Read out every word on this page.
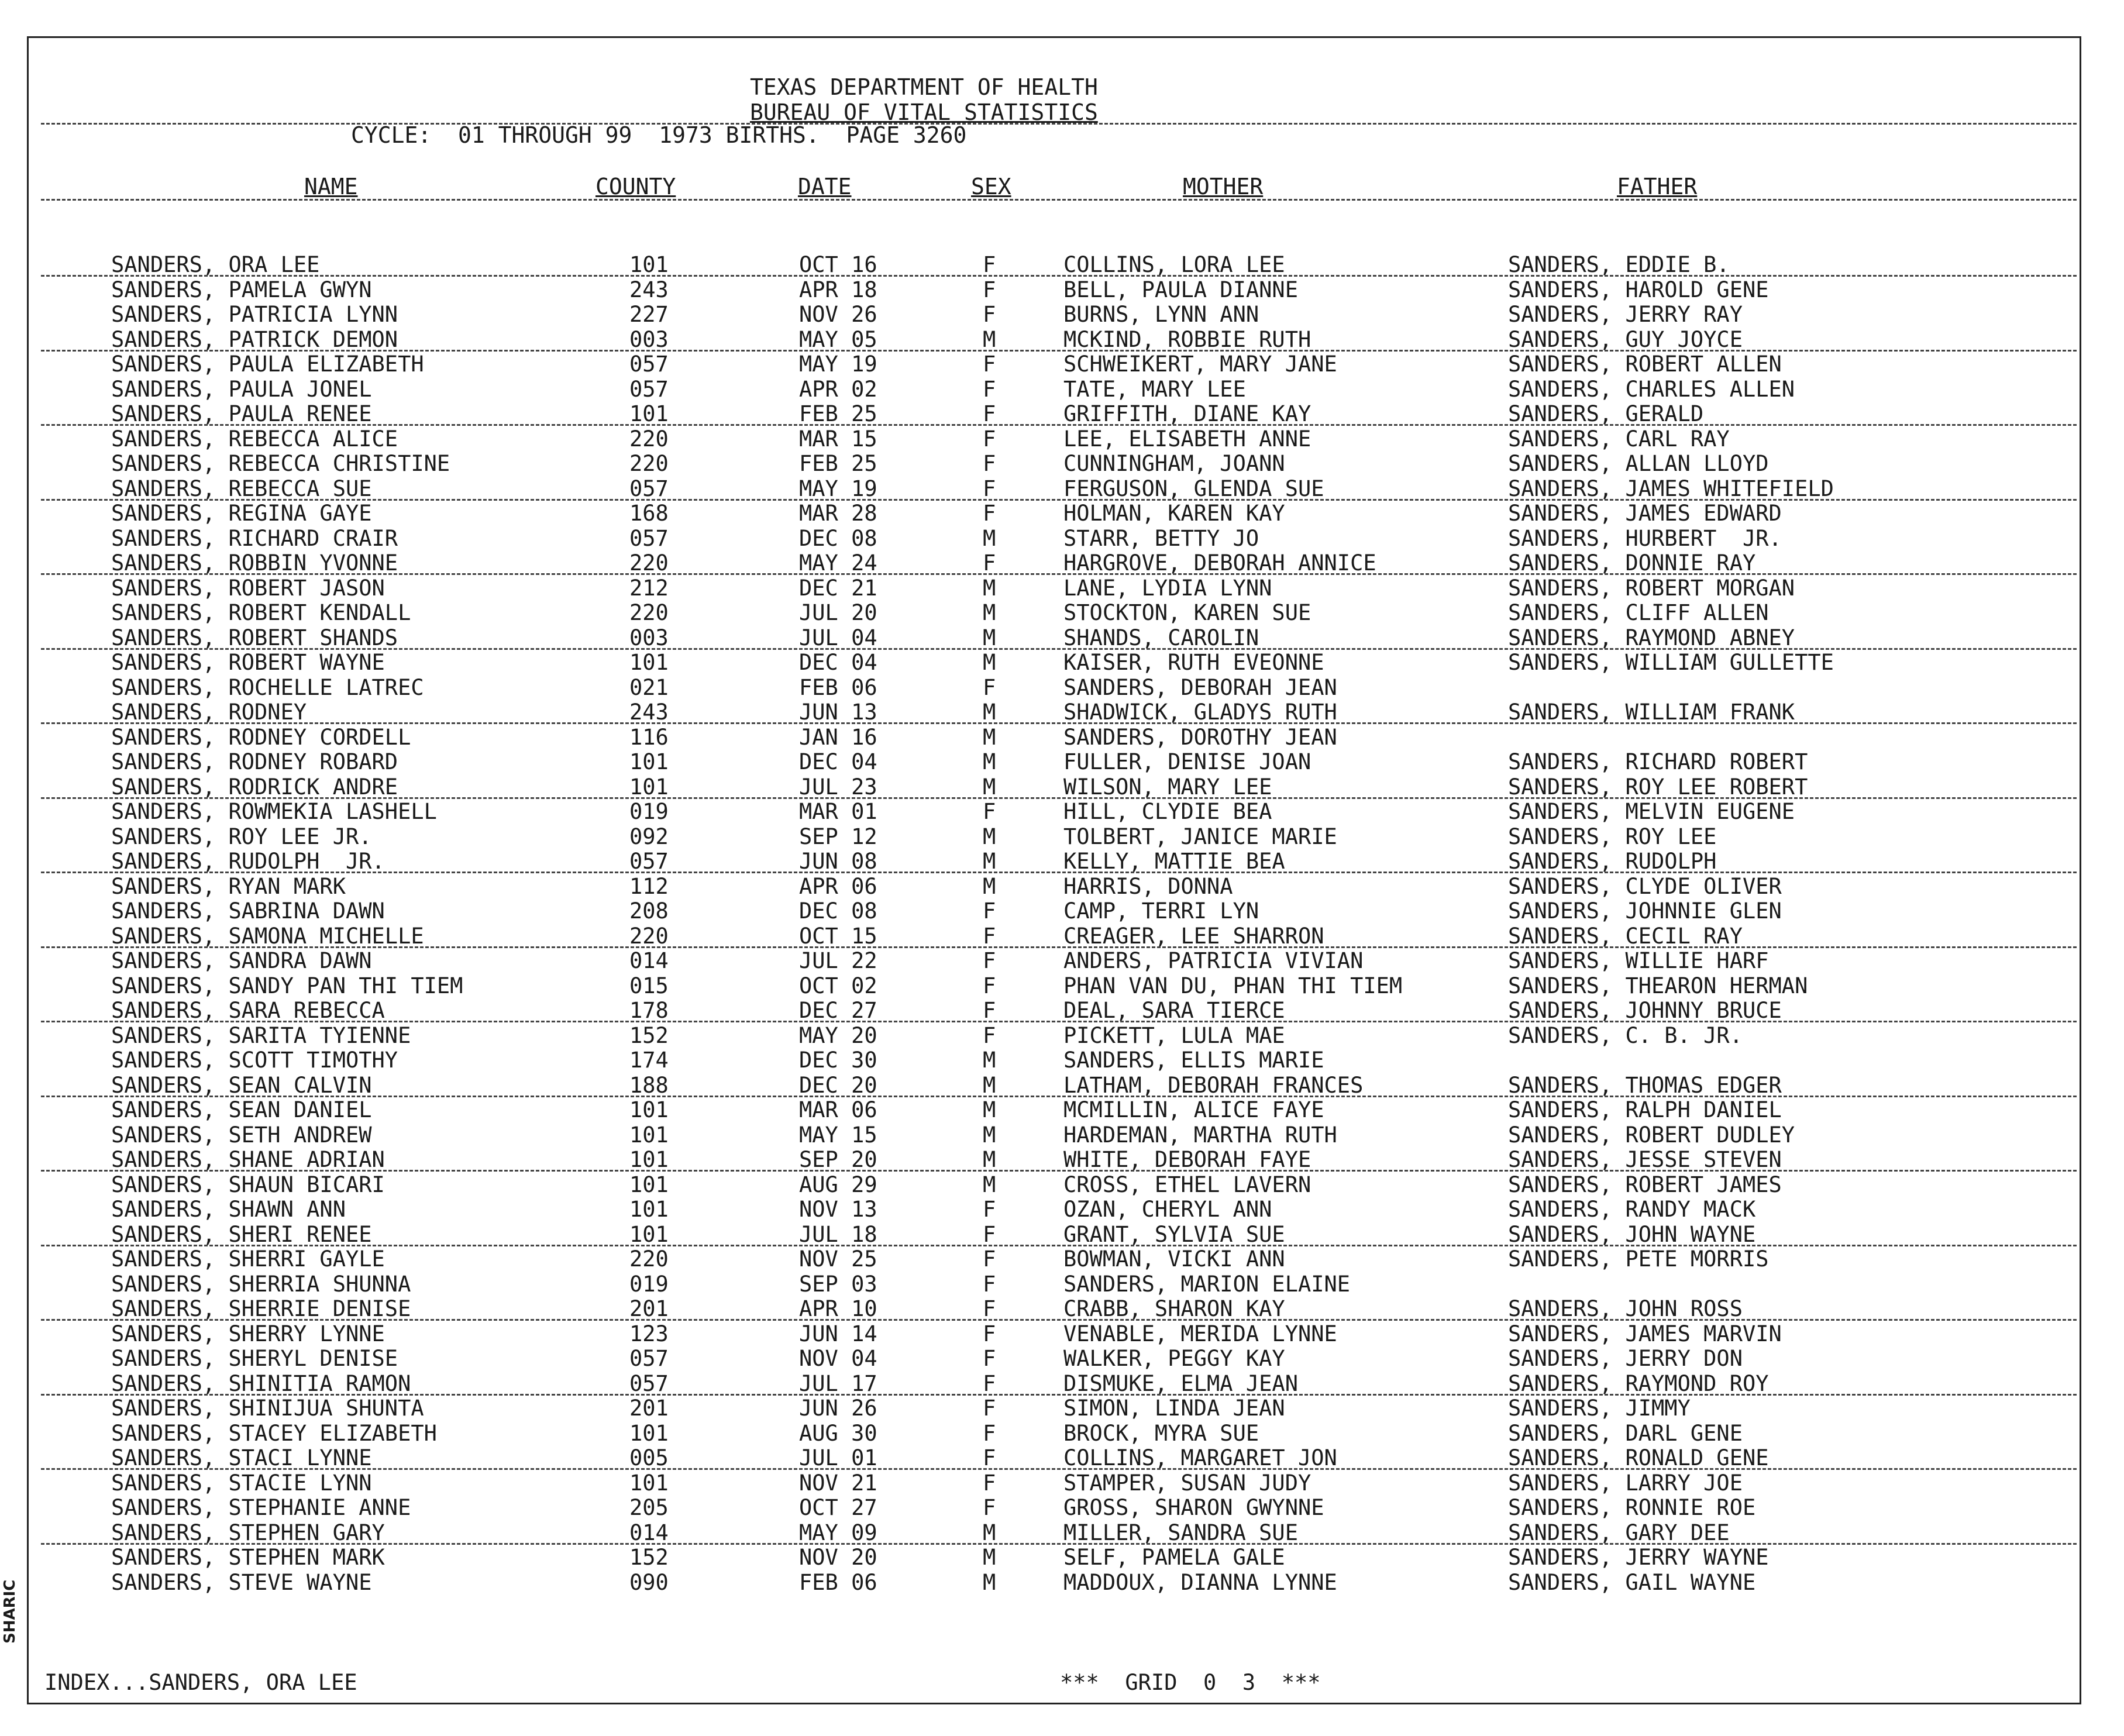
TEXAS DEPARTMENT OF HEALTH
BUREAU OF VITAL STATISTICS
CYCLE:  01 THROUGH 99  1973 BIRTHS.  PAGE 3260
NAME	COUNTY	DATE	SEX	MOTHER	FATHER
SANDERS, ORA LEE	101	OCT 16	F	COLLINS, LORA LEE	SANDERS, EDDIE B.
SANDERS, PAMELA GWYN	243	APR 18	F	BELL, PAULA DIANNE	SANDERS, HAROLD GENE
SANDERS, PATRICIA LYNN	227	NOV 26	F	BURNS, LYNN ANN	SANDERS, JERRY RAY
SANDERS, PATRICK DEMON	003	MAY 05	M	MCKIND, ROBBIE RUTH	SANDERS, GUY JOYCE
SANDERS, PAULA ELIZABETH	057	MAY 19	F	SCHWEIKERT, MARY JANE	SANDERS, ROBERT ALLEN
SANDERS, PAULA JONEL	057	APR 02	F	TATE, MARY LEE	SANDERS, CHARLES ALLEN
SANDERS, PAULA RENEE	101	FEB 25	F	GRIFFITH, DIANE KAY	SANDERS, GERALD
SANDERS, REBECCA ALICE	220	MAR 15	F	LEE, ELISABETH ANNE	SANDERS, CARL RAY
SANDERS, REBECCA CHRISTINE	220	FEB 25	F	CUNNINGHAM, JOANN	SANDERS, ALLAN LLOYD
SANDERS, REBECCA SUE	057	MAY 19	F	FERGUSON, GLENDA SUE	SANDERS, JAMES WHITEFIELD
SANDERS, REGINA GAYE	168	MAR 28	F	HOLMAN, KAREN KAY	SANDERS, JAMES EDWARD
SANDERS, RICHARD CRAIR	057	DEC 08	M	STARR, BETTY JO	SANDERS, HURBERT  JR.
SANDERS, ROBBIN YVONNE	220	MAY 24	F	HARGROVE, DEBORAH ANNICE	SANDERS, DONNIE RAY
SANDERS, ROBERT JASON	212	DEC 21	M	LANE, LYDIA LYNN	SANDERS, ROBERT MORGAN
SANDERS, ROBERT KENDALL	220	JUL 20	M	STOCKTON, KAREN SUE	SANDERS, CLIFF ALLEN
SANDERS, ROBERT SHANDS	003	JUL 04	M	SHANDS, CAROLIN	SANDERS, RAYMOND ABNEY
SANDERS, ROBERT WAYNE	101	DEC 04	M	KAISER, RUTH EVEONNE	SANDERS, WILLIAM GULLETTE
SANDERS, ROCHELLE LATREC	021	FEB 06	F	SANDERS, DEBORAH JEAN
SANDERS, RODNEY	243	JUN 13	M	SHADWICK, GLADYS RUTH	SANDERS, WILLIAM FRANK
SANDERS, RODNEY CORDELL	116	JAN 16	M	SANDERS, DOROTHY JEAN
SANDERS, RODNEY ROBARD	101	DEC 04	M	FULLER, DENISE JOAN	SANDERS, RICHARD ROBERT
SANDERS, RODRICK ANDRE	101	JUL 23	M	WILSON, MARY LEE	SANDERS, ROY LEE ROBERT
SANDERS, ROWMEKIA LASHELL	019	MAR 01	F	HILL, CLYDIE BEA	SANDERS, MELVIN EUGENE
SANDERS, ROY LEE JR.	092	SEP 12	M	TOLBERT, JANICE MARIE	SANDERS, ROY LEE
SANDERS, RUDOLPH  JR.	057	JUN 08	M	KELLY, MATTIE BEA	SANDERS, RUDOLPH
SANDERS, RYAN MARK	112	APR 06	M	HARRIS, DONNA	SANDERS, CLYDE OLIVER
SANDERS, SABRINA DAWN	208	DEC 08	F	CAMP, TERRI LYN	SANDERS, JOHNNIE GLEN
SANDERS, SAMONA MICHELLE	220	OCT 15	F	CREAGER, LEE SHARRON	SANDERS, CECIL RAY
SANDERS, SANDRA DAWN	014	JUL 22	F	ANDERS, PATRICIA VIVIAN	SANDERS, WILLIE HARF
SANDERS, SANDY PAN THI TIEM	015	OCT 02	F	PHAN VAN DU, PHAN THI TIEM	SANDERS, THEARON HERMAN
SANDERS, SARA REBECCA	178	DEC 27	F	DEAL, SARA TIERCE	SANDERS, JOHNNY BRUCE
SANDERS, SARITA TYIENNE	152	MAY 20	F	PICKETT, LULA MAE	SANDERS, C. B. JR.
SANDERS, SCOTT TIMOTHY	174	DEC 30	M	SANDERS, ELLIS MARIE
SANDERS, SEAN CALVIN	188	DEC 20	M	LATHAM, DEBORAH FRANCES	SANDERS, THOMAS EDGER
SANDERS, SEAN DANIEL	101	MAR 06	M	MCMILLIN, ALICE FAYE	SANDERS, RALPH DANIEL
SANDERS, SETH ANDREW	101	MAY 15	M	HARDEMAN, MARTHA RUTH	SANDERS, ROBERT DUDLEY
SANDERS, SHANE ADRIAN	101	SEP 20	M	WHITE, DEBORAH FAYE	SANDERS, JESSE STEVEN
SANDERS, SHAUN BICARI	101	AUG 29	M	CROSS, ETHEL LAVERN	SANDERS, ROBERT JAMES
SANDERS, SHAWN ANN	101	NOV 13	F	OZAN, CHERYL ANN	SANDERS, RANDY MACK
SANDERS, SHERI RENEE	101	JUL 18	F	GRANT, SYLVIA SUE	SANDERS, JOHN WAYNE
SANDERS, SHERRI GAYLE	220	NOV 25	F	BOWMAN, VICKI ANN	SANDERS, PETE MORRIS
SANDERS, SHERRIA SHUNNA	019	SEP 03	F	SANDERS, MARION ELAINE
SANDERS, SHERRIE DENISE	201	APR 10	F	CRABB, SHARON KAY	SANDERS, JOHN ROSS
SANDERS, SHERRY LYNNE	123	JUN 14	F	VENABLE, MERIDA LYNNE	SANDERS, JAMES MARVIN
SANDERS, SHERYL DENISE	057	NOV 04	F	WALKER, PEGGY KAY	SANDERS, JERRY DON
SANDERS, SHINITIA RAMON	057	JUL 17	F	DISMUKE, ELMA JEAN	SANDERS, RAYMOND ROY
SANDERS, SHINIJUA SHUNTA	201	JUN 26	F	SIMON, LINDA JEAN	SANDERS, JIMMY
SANDERS, STACEY ELIZABETH	101	AUG 30	F	BROCK, MYRA SUE	SANDERS, DARL GENE
SANDERS, STACI LYNNE	005	JUL 01	F	COLLINS, MARGARET JON	SANDERS, RONALD GENE
SANDERS, STACIE LYNN	101	NOV 21	F	STAMPER, SUSAN JUDY	SANDERS, LARRY JOE
SANDERS, STEPHANIE ANNE	205	OCT 27	F	GROSS, SHARON GWYNNE	SANDERS, RONNIE ROE
SANDERS, STEPHEN GARY	014	MAY 09	M	MILLER, SANDRA SUE	SANDERS, GARY DEE
SANDERS, STEPHEN MARK	152	NOV 20	M	SELF, PAMELA GALE	SANDERS, JERRY WAYNE
SANDERS, STEVE WAYNE	090	FEB 06	M	MADDOUX, DIANNA LYNNE	SANDERS, GAIL WAYNE
INDEX...SANDERS, ORA LEE	***  GRID  0  3  ***
SHARIC
